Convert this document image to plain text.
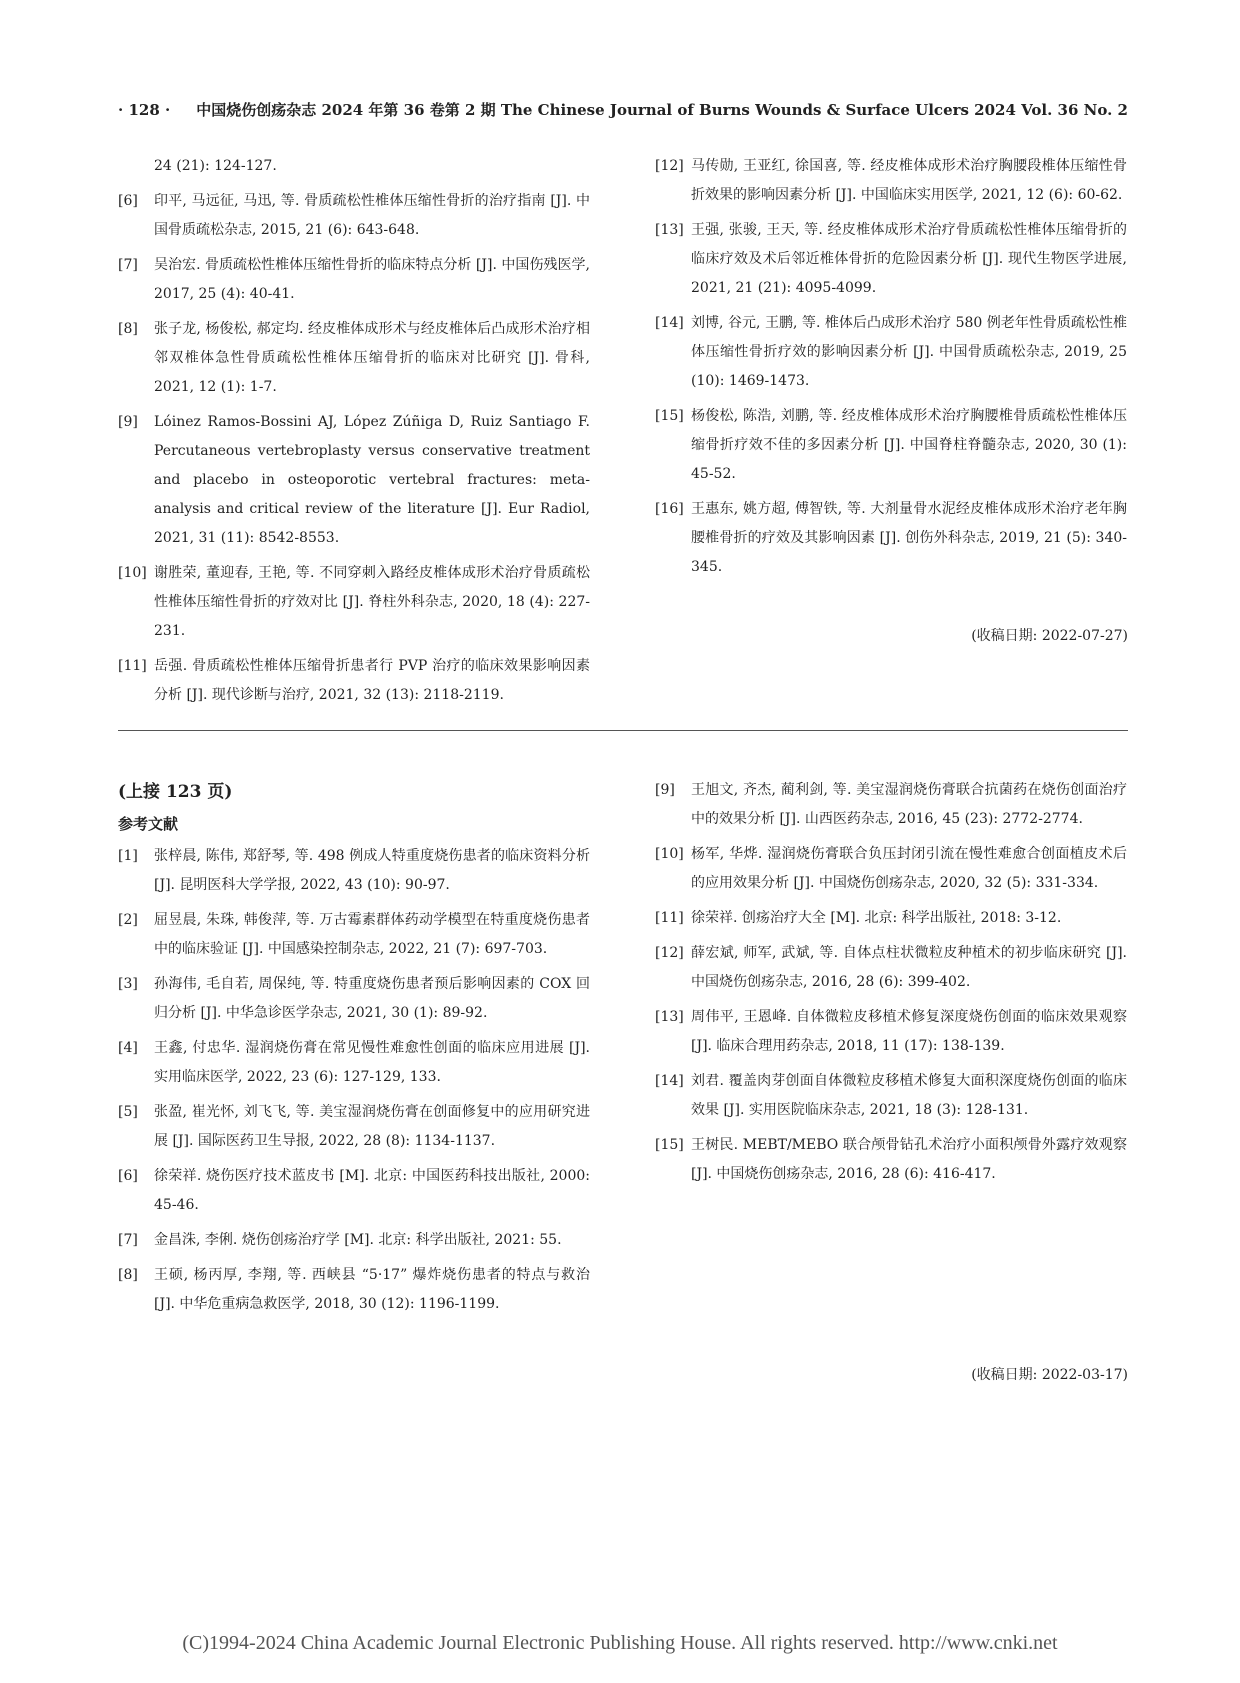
· 128 · 中国烧伤创疡杂志 2024 年第 36 卷第 2 期 The Chinese Journal of Burns Wounds & Surface Ulcers 2024 Vol. 36 No. 2
24 (21): 124-127.
[6] 印平, 马远征, 马迅, 等. 骨质疏松性椎体压缩性骨折的治疗指南 [J]. 中国骨质疏松杂志, 2015, 21 (6): 643-648.
[7] 吴治宏. 骨质疏松性椎体压缩性骨折的临床特点分析 [J]. 中国伤残医学, 2017, 25 (4): 40-41.
[8] 张子龙, 杨俊松, 郝定均. 经皮椎体成形术与经皮椎体后凸成形术治疗相邻双椎体急性骨质疏松性椎体压缩骨折的临床对比研究 [J]. 骨科, 2021, 12 (1): 1-7.
[9] Lóinez Ramos-Bossini AJ, López Zúñiga D, Ruiz Santiago F. Percutaneous vertebroplasty versus conservative treatment and placebo in osteoporotic vertebral fractures: meta-analysis and critical review of the literature [J]. Eur Radiol, 2021, 31 (11): 8542-8553.
[10] 谢胜荣, 董迎春, 王艳, 等. 不同穿刺入路经皮椎体成形术治疗骨质疏松性椎体压缩性骨折的疗效对比 [J]. 脊柱外科杂志, 2020, 18 (4): 227-231.
[11] 岳强. 骨质疏松性椎体压缩骨折患者行 PVP 治疗的临床效果影响因素分析 [J]. 现代诊断与治疗, 2021, 32 (13): 2118-2119.
[12] 马传勋, 王亚红, 徐国喜, 等. 经皮椎体成形术治疗胸腰段椎体压缩性骨折效果的影响因素分析 [J]. 中国临床实用医学, 2021, 12 (6): 60-62.
[13] 王强, 张骏, 王天, 等. 经皮椎体成形术治疗骨质疏松性椎体压缩骨折的临床疗效及术后邻近椎体骨折的危险因素分析 [J]. 现代生物医学进展, 2021, 21 (21): 4095-4099.
[14] 刘博, 谷元, 王鹏, 等. 椎体后凸成形术治疗 580 例老年性骨质疏松性椎体压缩性骨折疗效的影响因素分析 [J]. 中国骨质疏松杂志, 2019, 25 (10): 1469-1473.
[15] 杨俊松, 陈浩, 刘鹏, 等. 经皮椎体成形术治疗胸腰椎骨质疏松性椎体压缩骨折疗效不佳的多因素分析 [J]. 中国脊柱脊髓杂志, 2020, 30 (1): 45-52.
[16] 王惠东, 姚方超, 傅智铁, 等. 大剂量骨水泥经皮椎体成形术治疗老年胸腰椎骨折的疗效及其影响因素 [J]. 创伤外科杂志, 2019, 21 (5): 340-345.
(收稿日期: 2022-07-27)
(上接 123 页)
参考文献
[1] 张梓晨, 陈伟, 郑舒琴, 等. 498 例成人特重度烧伤患者的临床资料分析 [J]. 昆明医科大学学报, 2022, 43 (10): 90-97.
[2] 屈昱晨, 朱珠, 韩俊萍, 等. 万古霉素群体药动学模型在特重度烧伤患者中的临床验证 [J]. 中国感染控制杂志, 2022, 21 (7): 697-703.
[3] 孙海伟, 毛自若, 周保纯, 等. 特重度烧伤患者预后影响因素的 COX 回归分析 [J]. 中华急诊医学杂志, 2021, 30 (1): 89-92.
[4] 王鑫, 付忠华. 湿润烧伤膏在常见慢性难愈性创面的临床应用进展 [J]. 实用临床医学, 2022, 23 (6): 127-129, 133.
[5] 张盈, 崔光怀, 刘飞飞, 等. 美宝湿润烧伤膏在创面修复中的应用研究进展 [J]. 国际医药卫生导报, 2022, 28 (8): 1134-1137.
[6] 徐荣祥. 烧伤医疗技术蓝皮书 [M]. 北京: 中国医药科技出版社, 2000: 45-46.
[7] 金昌洙, 李俐. 烧伤创疡治疗学 [M]. 北京: 科学出版社, 2021: 55.
[8] 王硕, 杨丙厚, 李翔, 等. 西峡县 “5·17” 爆炸烧伤患者的特点与救治 [J]. 中华危重病急救医学, 2018, 30 (12): 1196-1199.
[9] 王旭文, 齐杰, 蔺利剑, 等. 美宝湿润烧伤膏联合抗菌药在烧伤创面治疗中的效果分析 [J]. 山西医药杂志, 2016, 45 (23): 2772-2774.
[10] 杨军, 华烨. 湿润烧伤膏联合负压封闭引流在慢性难愈合创面植皮术后的应用效果分析 [J]. 中国烧伤创疡杂志, 2020, 32 (5): 331-334.
[11] 徐荣祥. 创疡治疗大全 [M]. 北京: 科学出版社, 2018: 3-12.
[12] 薛宏斌, 师军, 武斌, 等. 自体点柱状微粒皮种植术的初步临床研究 [J]. 中国烧伤创疡杂志, 2016, 28 (6): 399-402.
[13] 周伟平, 王恩峰. 自体微粒皮移植术修复深度烧伤创面的临床效果观察 [J]. 临床合理用药杂志, 2018, 11 (17): 138-139.
[14] 刘君. 覆盖肉芽创面自体微粒皮移植术修复大面积深度烧伤创面的临床效果 [J]. 实用医院临床杂志, 2021, 18 (3): 128-131.
[15] 王树民. MEBT/MEBO 联合颅骨钻孔术治疗小面积颅骨外露疗效观察 [J]. 中国烧伤创疡杂志, 2016, 28 (6): 416-417.
(收稿日期: 2022-03-17)
(C)1994-2024 China Academic Journal Electronic Publishing House. All rights reserved. http://www.cnki.net
